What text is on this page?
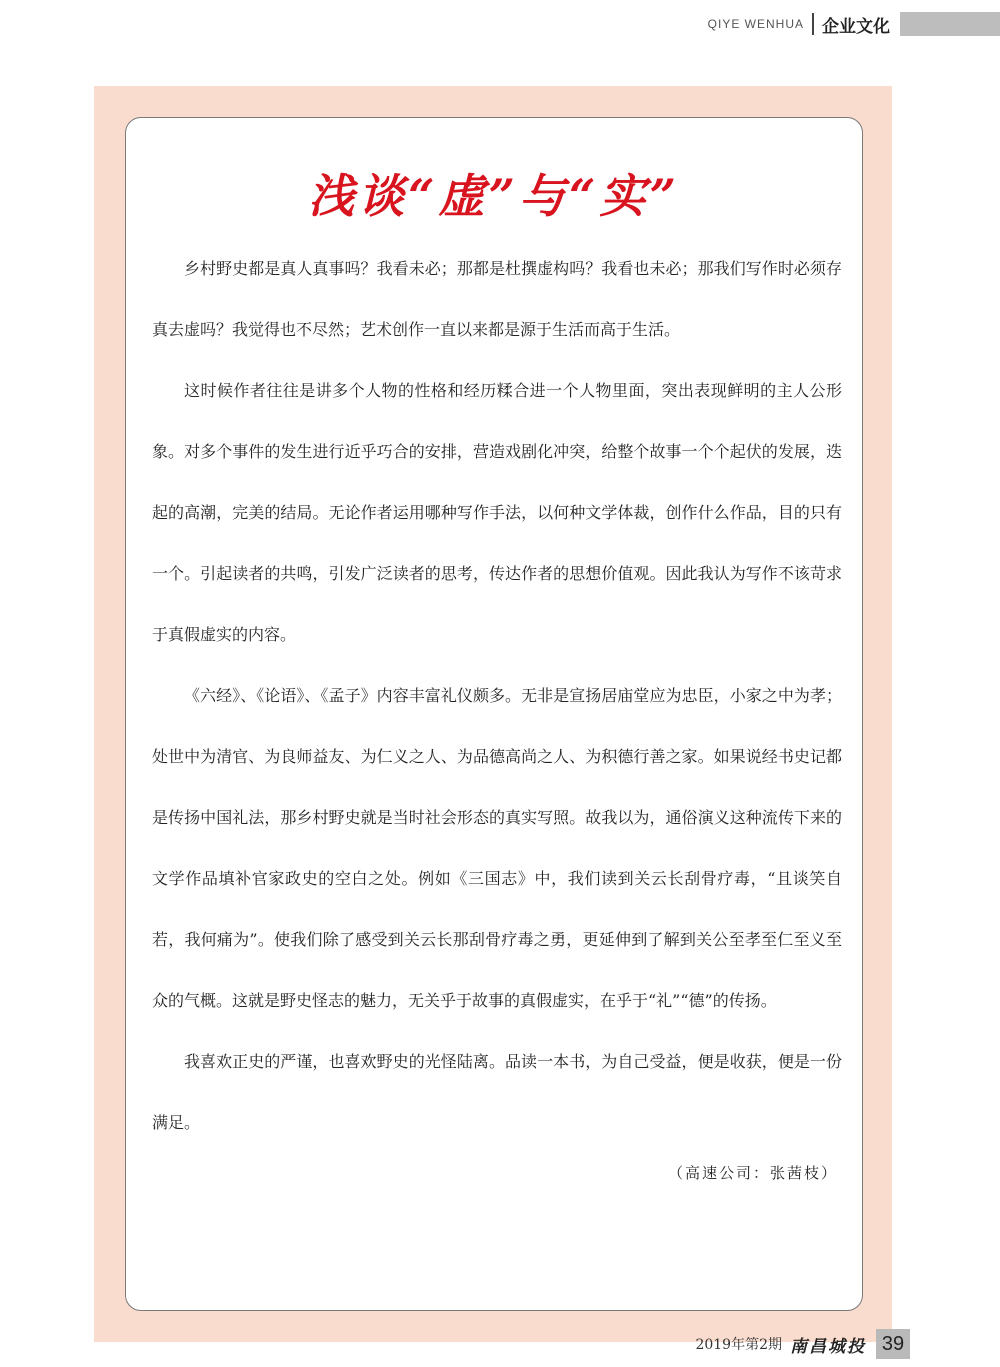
QIYE WENHUA 企业文化
浅谈“虚”与“实”

乡村野史都是真人真事吗？我看未必；那都是杜撰虚构吗？我看也未必；那我们写作时必须存真去虚吗？我觉得也不尽然；艺术创作一直以来都是源于生活而高于生活。

这时候作者往往是讲多个人物的性格和经历糅合进一个人物里面，突出表现鲜明的主人公形象。对多个事件的发生进行近乎巧合的安排，营造戏剧化冲突，给整个故事一个个起伏的发展，迭起的高潮，完美的结局。无论作者运用哪种写作手法，以何种文学体裁，创作什么作品，目的只有一个。引起读者的共鸣，引发广泛读者的思考，传达作者的思想价值观。因此我认为写作不该苛求于真假虚实的内容。

《六经》、《论语》、《孟子》内容丰富礼仪颇多。无非是宣扬居庙堂应为忠臣，小家之中为孝；处世中为清官、为良师益友、为仁义之人、为品德高尚之人、为积德行善之家。如果说经书史记都是传扬中国礼法，那乡村野史就是当时社会形态的真实写照。故我以为，通俗演义这种流传下来的文学作品填补官家政史的空白之处。例如《三国志》中，我们读到关云长刮骨疗毒，“且谈笑自若，我何痛为”。使我们除了感受到关云长那刮骨疗毒之勇，更延伸到了解到关公至孝至仁至义至众的气概。这就是野史怪志的魅力，无关乎于故事的真假虚实，在乎于“礼”“德”的传扬。

我喜欢正史的严谨，也喜欢野史的光怪陆离。品读一本书，为自己受益，便是收获，便是一份满足。

（高速公司：张茜枝）
2019年第2期 南昌城投 39
